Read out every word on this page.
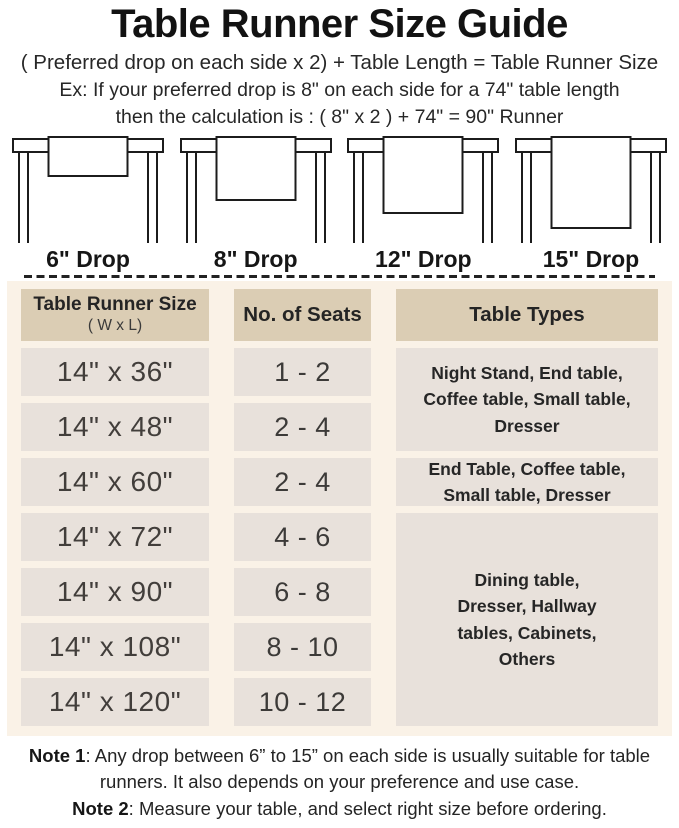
Table Runner Size Guide

( Preferred drop on each side x 2) + Table Length = Table Runner Size

Ex: If your preferred drop is 8" on each side for a 74" table length

then the calculation is : ( 8" x 2 ) + 74" = 90" Runner

6" Drop	8" Drop	12" Drop	15" Drop
Table Runner Size
( W x L)	No. of Seats	Table Types
14" x 36"	1 - 2	Night Stand, End table, Coffee table, Small table, Dresser
14" x 48"	2 - 4
14" x 60"	2 - 4	End Table, Coffee table, Small table, Dresser
14" x 72"	4 - 6
Dining table, Dresser, Hallway tables, Cabinets, Others
14" x 90"	6 - 8
14" x 108"	8 - 10
14" x 120"	10 - 12

Note 1: Any drop between 6” to 15” on each side is usually suitable for table runners. It also depends on your preference and use case.

Note 2: Measure your table, and select right size before ordering.
